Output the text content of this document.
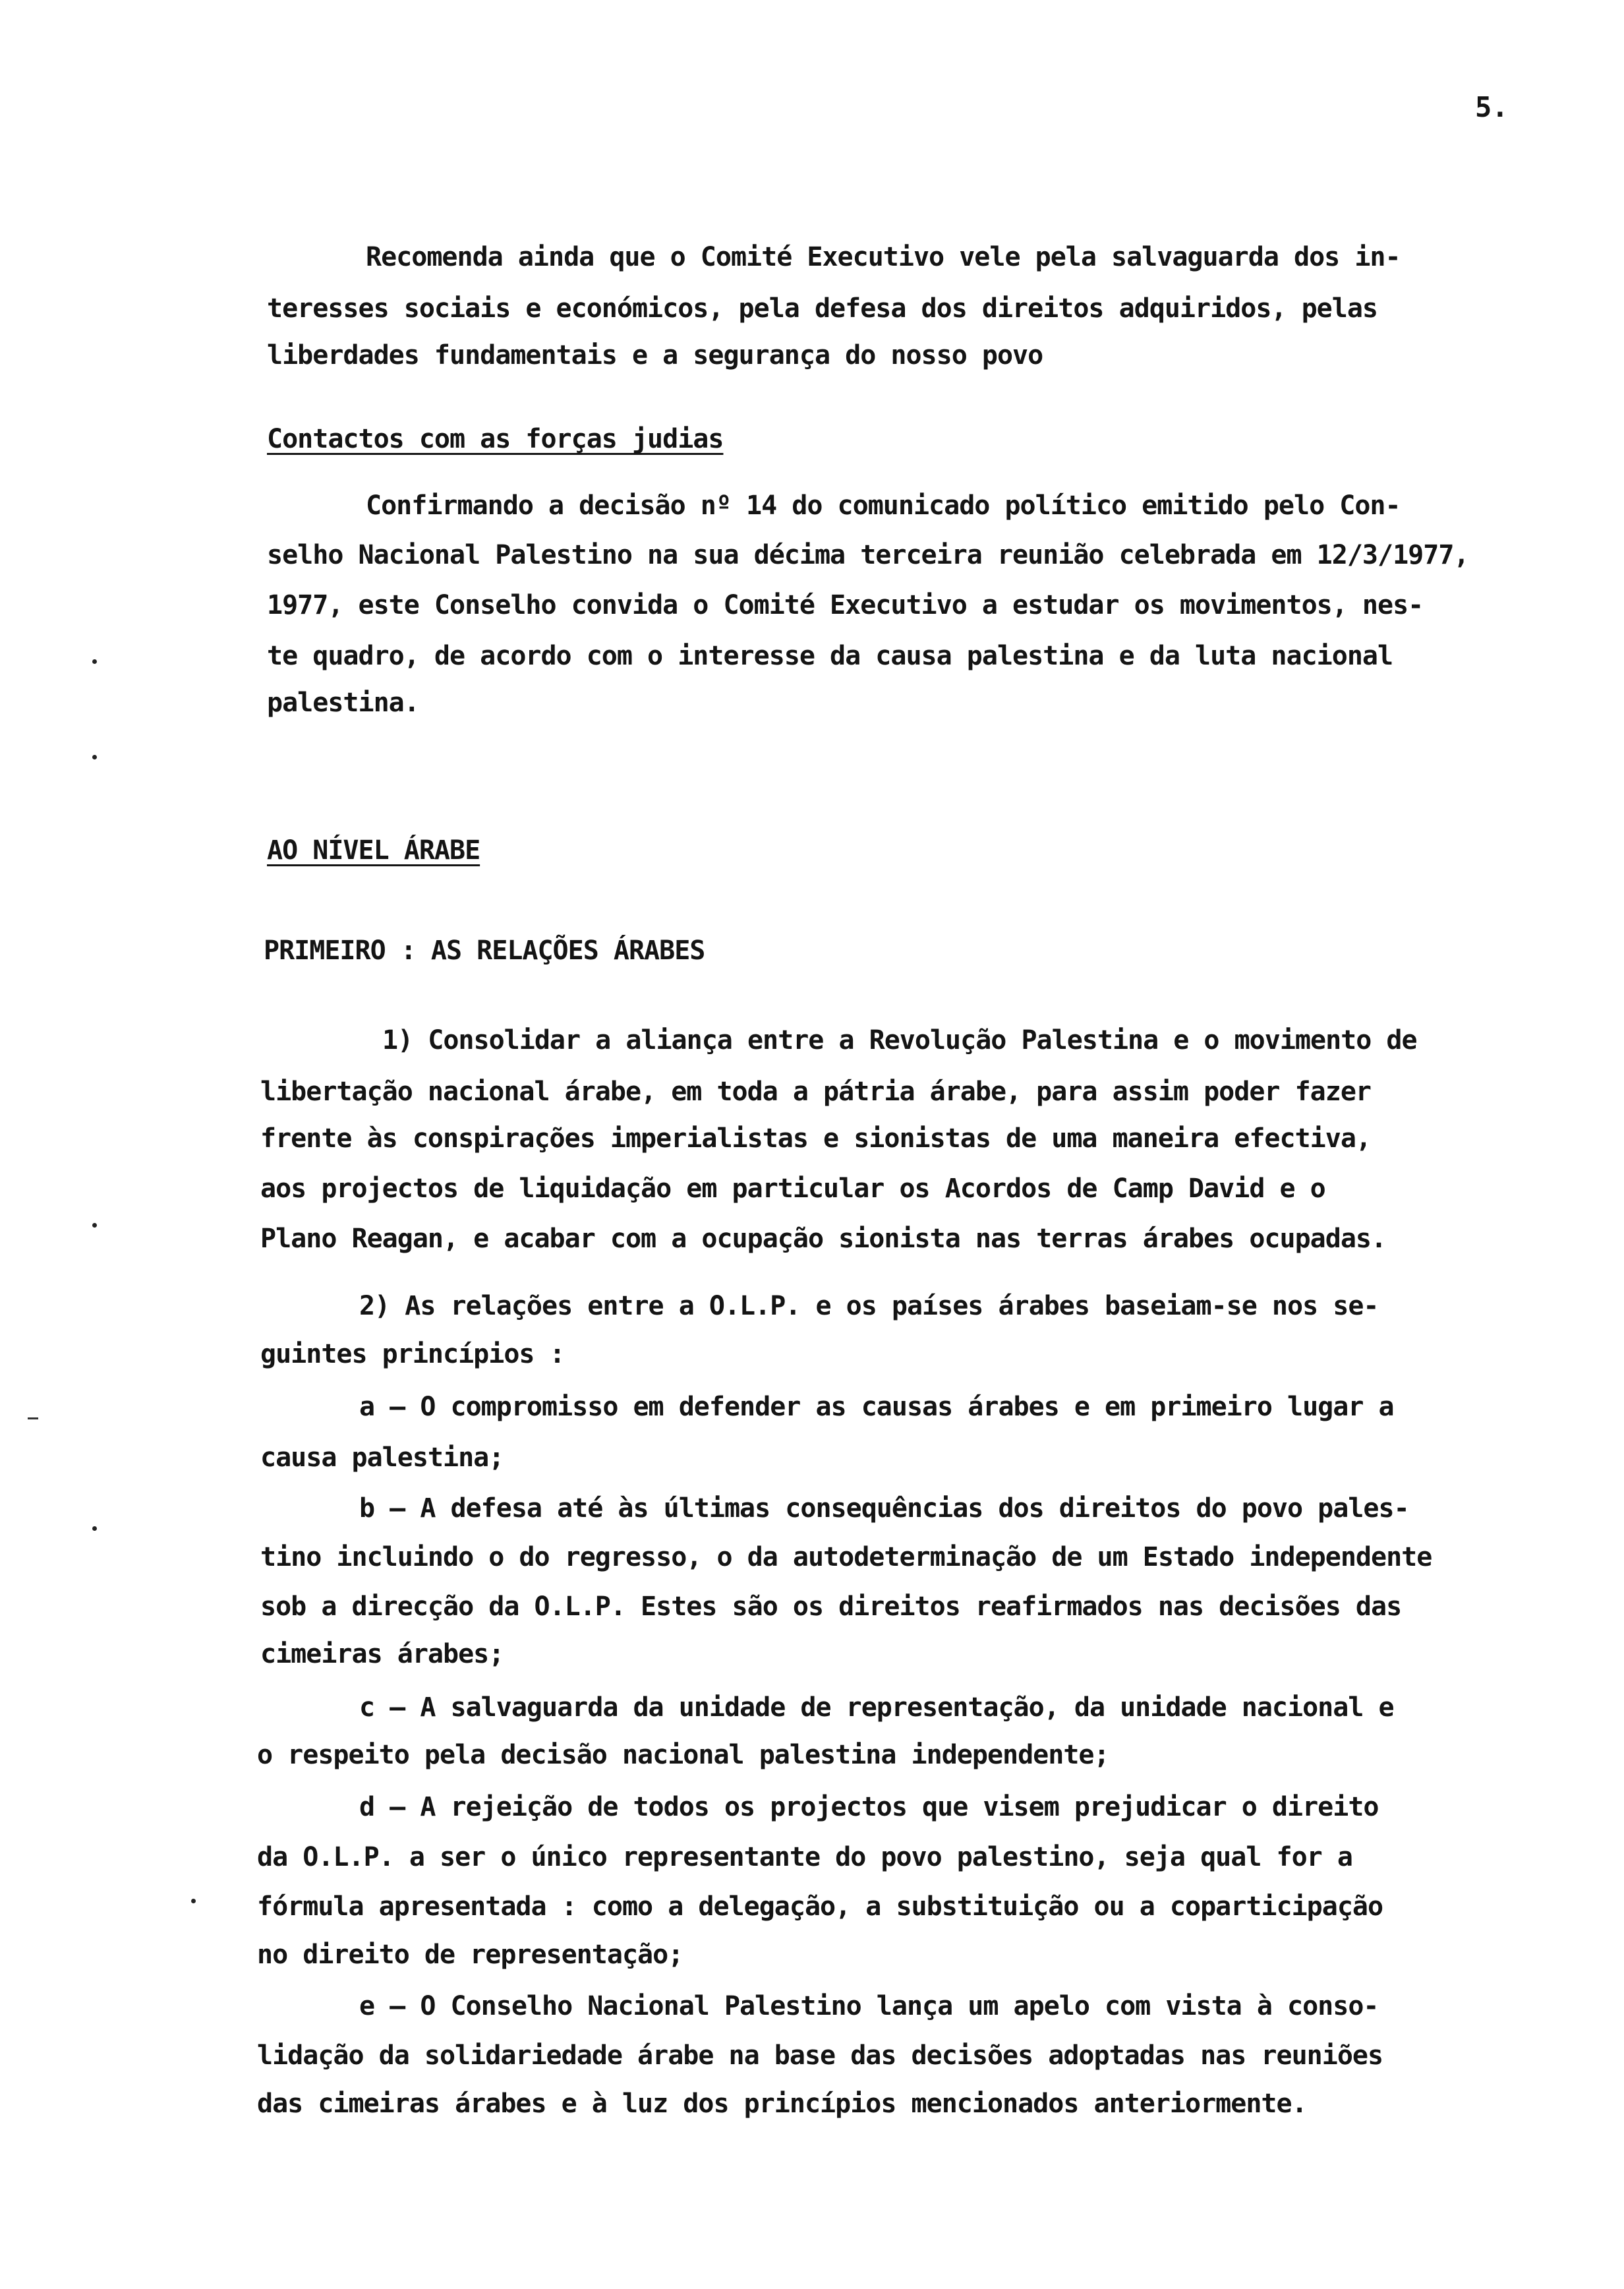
5.
Recomenda ainda que o Comité Executivo vele pela salvaguarda dos in-
teresses sociais e económicos, pela defesa dos direitos adquiridos, pelas
liberdades fundamentais e a segurança do nosso povo
Contactos com as forças judias
Confirmando a decisão nº 14 do comunicado político emitido pelo Con-
selho Nacional Palestino na sua décima terceira reunião celebrada em 12/3/1977,
1977, este Conselho convida o Comité Executivo a estudar os movimentos, nes-
te quadro, de acordo com o interesse da causa palestina e da luta nacional
palestina.
AO NÍVEL ÁRABE
PRIMEIRO : AS RELAÇÕES ÁRABES
1) Consolidar a aliança entre a Revolução Palestina e o movimento de
libertação nacional árabe, em toda a pátria árabe, para assim poder fazer
frente às conspirações imperialistas e sionistas de uma maneira efectiva,
aos projectos de liquidação em particular os Acordos de Camp David e o
Plano Reagan, e acabar com a ocupação sionista nas terras árabes ocupadas.
2) As relações entre a O.L.P. e os países árabes baseiam-se nos se-
guintes princípios :
a — O compromisso em defender as causas árabes e em primeiro lugar a
causa palestina;
b — A defesa até às últimas consequências dos direitos do povo pales-
tino incluindo o do regresso, o da autodeterminação de um Estado independente
sob a direcção da O.L.P. Estes são os direitos reafirmados nas decisões das
cimeiras árabes;
c — A salvaguarda da unidade de representação, da unidade nacional e
o respeito pela decisão nacional palestina independente;
d — A rejeição de todos os projectos que visem prejudicar o direito
da O.L.P. a ser o único representante do povo palestino, seja qual for a
fórmula apresentada : como a delegação, a substituição ou a coparticipação
no direito de representação;
e — O Conselho Nacional Palestino lança um apelo com vista à conso-
lidação da solidariedade árabe na base das decisões adoptadas nas reuniões
das cimeiras árabes e à luz dos princípios mencionados anteriormente.
